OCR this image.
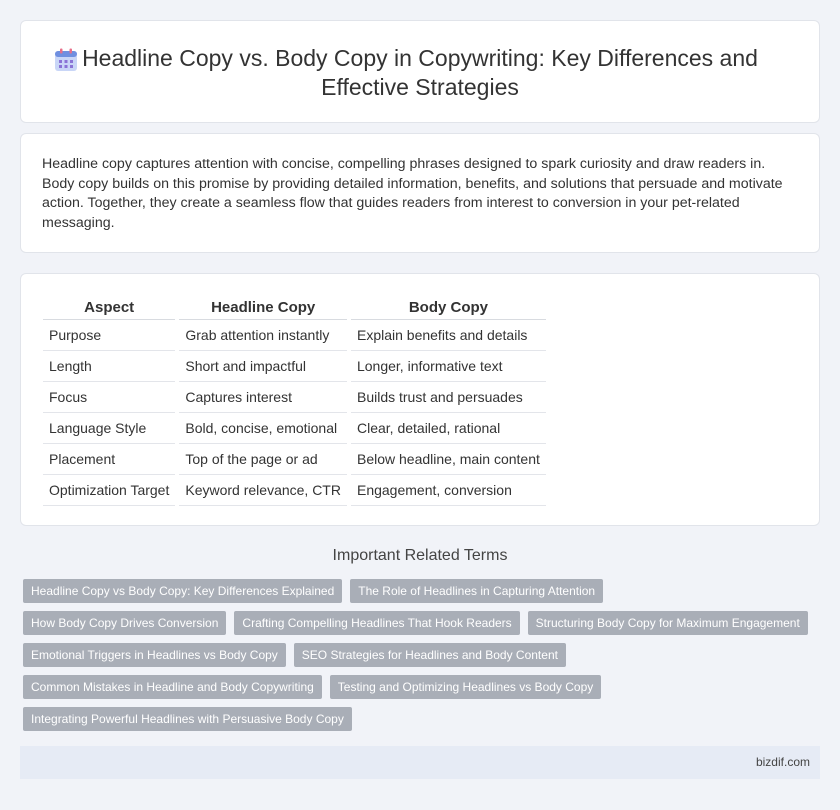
Headline Copy vs. Body Copy in Copywriting: Key Differences and Effective Strategies

Headline copy captures attention with concise, compelling phrases designed to spark curiosity and draw readers in. Body copy builds on this promise by providing detailed information, benefits, and solutions that persuade and motivate action. Together, they create a seamless flow that guides readers from interest to conversion in your pet-related messaging.

Aspect		Headline Copy		Body Copy
Purpose		Grab attention instantly		Explain benefits and details
Length		Short and impactful		Longer, informative text
Focus		Captures interest		Builds trust and persuades
Language Style		Bold, concise, emotional		Clear, detailed, rational
Placement		Top of the page or ad		Below headline, main content
Optimization Target		Keyword relevance, CTR		Engagement, conversion
Important Related Terms
Headline Copy vs Body Copy: Key Differences Explained	The Role of Headlines in Capturing Attention
How Body Copy Drives Conversion	Crafting Compelling Headlines That Hook Readers	Structuring Body Copy for Maximum Engagement
Emotional Triggers in Headlines vs Body Copy	SEO Strategies for Headlines and Body Content
Common Mistakes in Headline and Body Copywriting	Testing and Optimizing Headlines vs Body Copy
Integrating Powerful Headlines with Persuasive Body Copy
bizdif.com
